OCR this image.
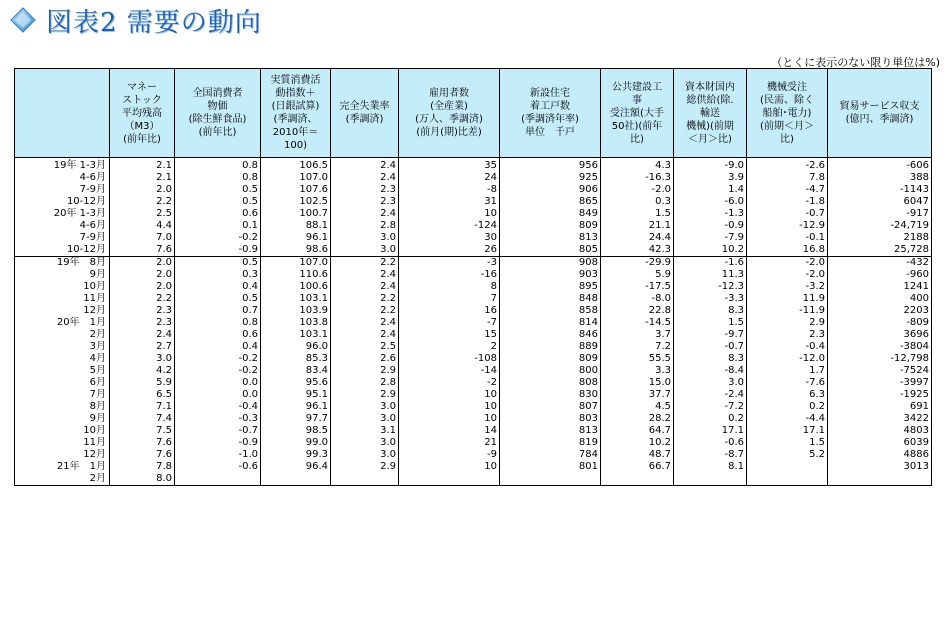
図表2 需要の動向
（とくに表示のない限り単位は%)

	マネー
ストック
平均残高
（M3）
(前年比)	全国消費者
物価
(除生鮮食品)
(前年比)	実質消費活
動指数＋
(日銀試算)
(季調済、
2010年＝100)	完全失業率
(季調済)	雇用者数
(全産業)
(万人、季調済)
(前月(期)比差)	新設住宅
着工戸数
(季調済年率)
単位　千戸	公共建設工
事
受注額(大手
50社)(前年
比)	資本財国内
総供給(除.
輸送
機械)(前期
＜月＞比)	機械受注
(民需、除く
船舶･電力)
(前期＜月＞
比)	貿易サービス収支
(億円、季調済)

19年 1-3月	2.1	0.8	106.5	2.4	35	956	4.3	-9.0	-2.6	-606
4-6月	2.1	0.8	107.0	2.4	24	925	-16.3	3.9	7.8	388
7-9月	2.0	0.5	107.6	2.3	-8	906	-2.0	1.4	-4.7	-1143
10-12月	2.2	0.5	102.5	2.3	31	865	0.3	-6.0	-1.8	6047
20年 1-3月	2.5	0.6	100.7	2.4	10	849	1.5	-1.3	-0.7	-917
4-6月	4.4	0.1	88.1	2.8	-124	809	21.1	-0.9	-12.9	-24,719
7-9月	7.0	-0.2	96.1	3.0	30	813	24.4	-7.9	-0.1	2188
10-12月	7.6	-0.9	98.6	3.0	26	805	42.3	10.2	16.8	25,728
19年　8月	2.0	0.5	107.0	2.2	-3	908	-29.9	-1.6	-2.0	-432
9月	2.0	0.3	110.6	2.4	-16	903	5.9	11.3	-2.0	-960
10月	2.0	0.4	100.6	2.4	8	895	-17.5	-12.3	-3.2	1241
11月	2.2	0.5	103.1	2.2	7	848	-8.0	-3.3	11.9	400
12月	2.3	0.7	103.9	2.2	16	858	22.8	8.3	-11.9	2203
20年　1月	2.3	0.8	103.8	2.4	-7	814	-14.5	1.5	2.9	-809
2月	2.4	0.6	103.1	2.4	15	846	3.7	-9.7	2.3	3696
3月	2.7	0.4	96.0	2.5	2	889	7.2	-0.7	-0.4	-3804
4月	3.0	-0.2	85.3	2.6	-108	809	55.5	8.3	-12.0	-12,798
5月	4.2	-0.2	83.4	2.9	-14	800	3.3	-8.4	1.7	-7524
6月	5.9	0.0	95.6	2.8	-2	808	15.0	3.0	-7.6	-3997
7月	6.5	0.0	95.1	2.9	10	830	37.7	-2.4	6.3	-1925
8月	7.1	-0.4	96.1	3.0	10	807	4.5	-7.2	0.2	691
9月	7.4	-0.3	97.7	3.0	10	803	28.2	0.2	-4.4	3422
10月	7.5	-0.7	98.5	3.1	14	813	64.7	17.1	17.1	4803
11月	7.6	-0.9	99.0	3.0	21	819	10.2	-0.6	1.5	6039
12月	7.6	-1.0	99.3	3.0	-9	784	48.7	-8.7	5.2	4886
21年　1月	7.8	-0.6	96.4	2.9	10	801	66.7	8.1		3013
2月	8.0									
